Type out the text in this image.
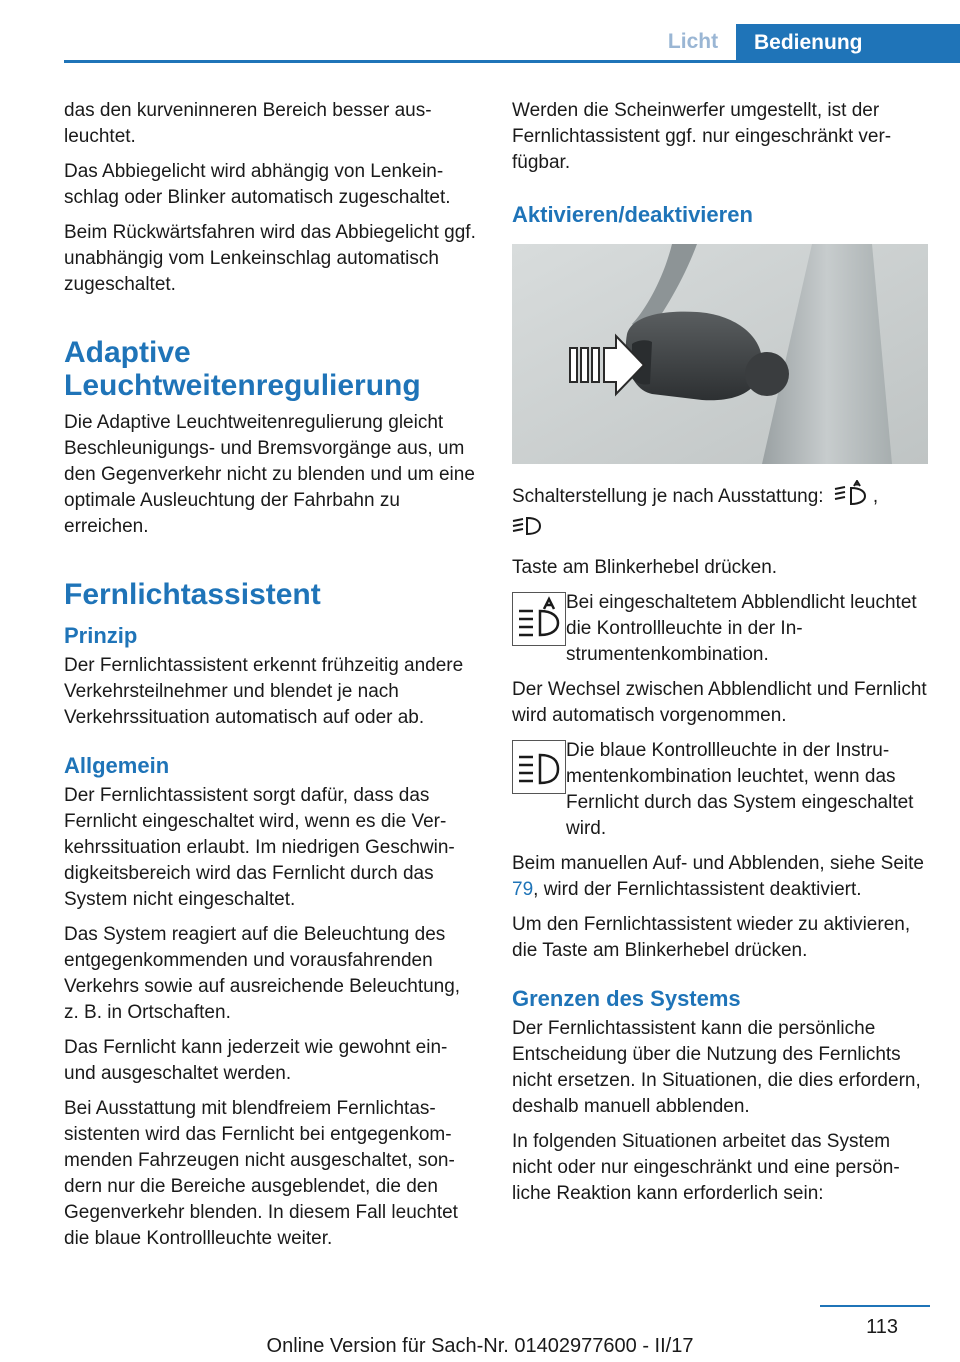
Licht	Bedienung

das den kurveninneren Bereich besser ausleuchtet.

Das Abbiegelicht wird abhängig von Lenkeinschlag oder Blinker automatisch zugeschaltet.

Beim Rückwärtsfahren wird das Abbiegelicht ggf. unabhängig vom Lenkeinschlag automatisch zugeschaltet.

Adaptive Leuchtweitenregulierung

Die Adaptive Leuchtweitenregulierung gleicht Beschleunigungs- und Bremsvorgänge aus, um den Gegenverkehr nicht zu blenden und um eine optimale Ausleuchtung der Fahrbahn zu erreichen.

Fernlichtassistent
Prinzip

Der Fernlichtassistent erkennt frühzeitig andere Verkehrsteilnehmer und blendet je nach Verkehrssituation automatisch auf oder ab.

Allgemein

Der Fernlichtassistent sorgt dafür, dass das Fernlicht eingeschaltet wird, wenn es die Verkehrssituation erlaubt. Im niedrigen Geschwindigkeitsbereich wird das Fernlicht durch das System nicht eingeschaltet.

Das System reagiert auf die Beleuchtung des entgegenkommenden und vorausfahrenden Verkehrs sowie auf ausreichende Beleuchtung, z. B. in Ortschaften.

Das Fernlicht kann jederzeit wie gewohnt ein- und ausgeschaltet werden.

Bei Ausstattung mit blendfreiem Fernlichtassistenten wird das Fernlicht bei entgegenkommenden Fahrzeugen nicht ausgeschaltet, sondern nur die Bereiche ausgeblendet, die den Gegenverkehr blenden. In diesem Fall leuchtet die blaue Kontrollleuchte weiter.

Werden die Scheinwerfer umgestellt, ist der Fernlichtassistent ggf. nur eingeschränkt verfügbar.

Aktivieren/deaktivieren

Schalterstellung je nach Ausstattung:	,

Taste am Blinkerhebel drücken.

Bei eingeschaltetem Abblendlicht leuchtet die Kontrollleuchte in der Instrumentenkombination.

Der Wechsel zwischen Abblendlicht und Fernlicht wird automatisch vorgenommen.

Die blaue Kontrollleuchte in der Instrumentenkombination leuchtet, wenn das Fernlicht durch das System eingeschaltet wird.

Beim manuellen Auf- und Abblenden, siehe Seite 79, wird der Fernlichtassistent deaktiviert.

Um den Fernlichtassistent wieder zu aktivieren, die Taste am Blinkerhebel drücken.

Grenzen des Systems

Der Fernlichtassistent kann die persönliche Entscheidung über die Nutzung des Fernlichts nicht ersetzen. In Situationen, die dies erfordern, deshalb manuell abblenden.

In folgenden Situationen arbeitet das System nicht oder nur eingeschränkt und eine persönliche Reaktion kann erforderlich sein:

113
Online Version für Sach-Nr. 01402977600 - II/17
